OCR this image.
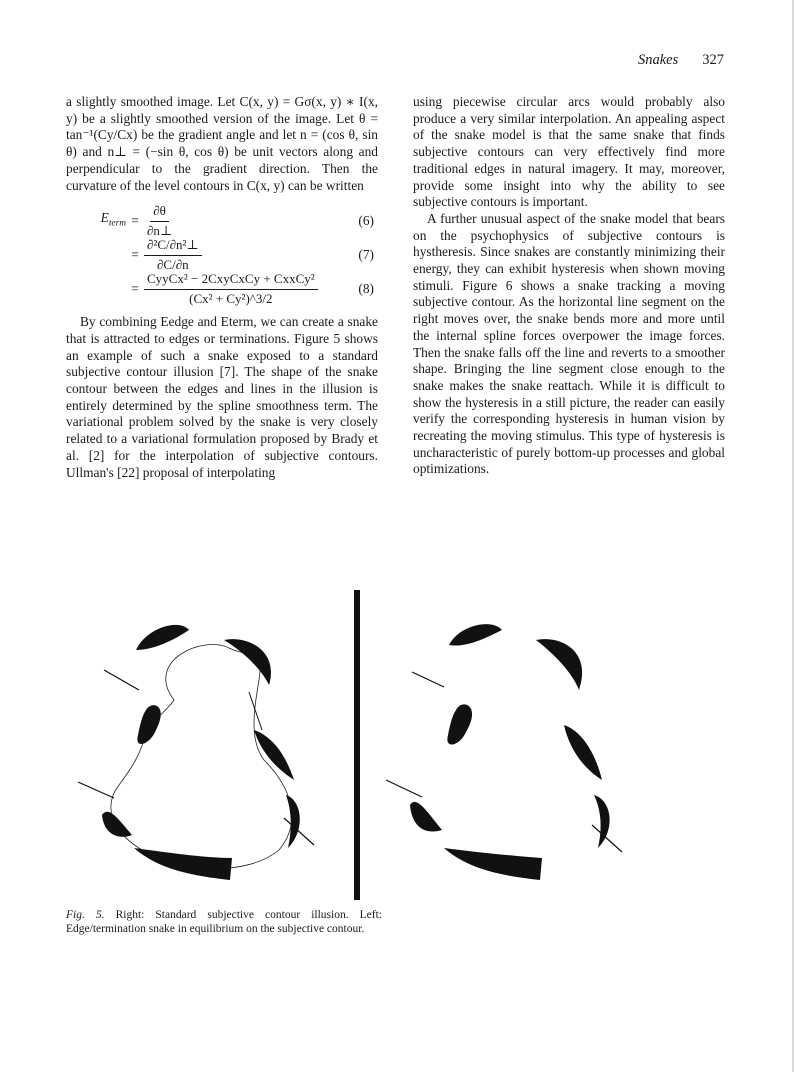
Snakes 327

a slightly smoothed image. Let C(x, y) = Gσ(x, y) ∗ I(x, y) be a slightly smoothed version of the image. Let θ = tan⁻¹(Cy/Cx) be the gradient angle and let n = (cos θ, sin θ) and n⊥ = (−sin θ, cos θ) be unit vectors along and perpendicular to the gradient direction. Then the curvature of the level contours in C(x, y) can be written

$E_{term} = \frac{\partial\theta}{\partial n\perp}$	(6)
= $\frac{\text{∂²C/∂n²⊥}}{\partial C/\partial n}$	(7)
= $\frac{\text{CyyCx² − 2CxyCxCy + CxxCy²}}{\text{(Cx² + Cy²)\textasciicircum{}3/2}}$	(8)

By combining Eedge and Eterm, we can create a snake that is attracted to edges or terminations. Figure 5 shows an example of such a snake exposed to a standard subjective contour illusion [7]. The shape of the snake contour between the edges and lines in the illusion is entirely determined by the spline smoothness term. The variational problem solved by the snake is very closely related to a variational formulation proposed by Brady et al. [2] for the interpolation of subjective contours. Ullman's [22] proposal of interpolating

using piecewise circular arcs would probably also produce a very similar interpolation. An appealing aspect of the snake model is that the same snake that finds subjective contours can very effectively find more traditional edges in natural imagery. It may, moreover, provide some insight into why the ability to see subjective contours is important.

A further unusual aspect of the snake model that bears on the psychophysics of subjective contours is hystheresis. Since snakes are constantly minimizing their energy, they can exhibit hysteresis when shown moving stimuli. Figure 6 shows a snake tracking a moving subjective contour. As the horizontal line segment on the right moves over, the snake bends more and more until the internal spline forces overpower the image forces. Then the snake falls off the line and reverts to a smoother shape. Bringing the line segment close enough to the snake makes the snake reattach. While it is difficult to show the hysteresis in a still picture, the reader can easily verify the corresponding hysteresis in human vision by recreating the moving stimulus. This type of hysteresis is uncharacteristic of purely bottom-up processes and global optimizations.

Fig. 5. Right: Standard subjective contour illusion. Left: Edge/termination snake in equilibrium on the subjective contour.
